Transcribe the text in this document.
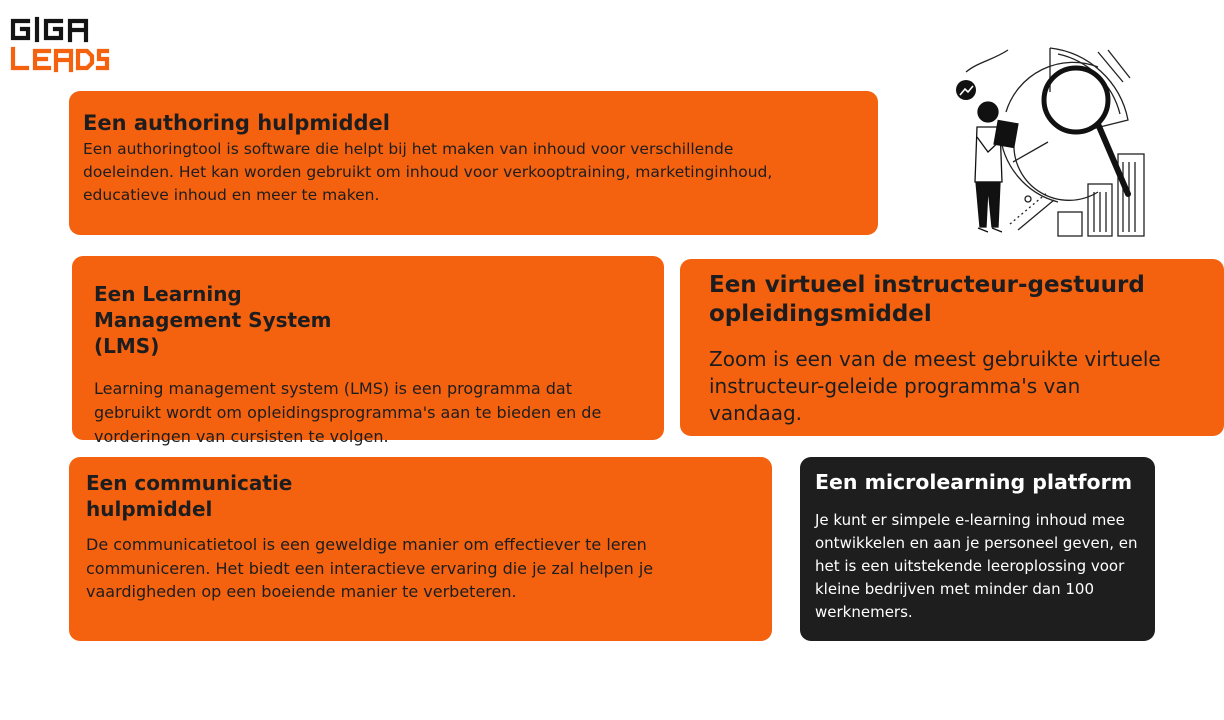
Een authoring hulpmiddel

Een authoringtool is software die helpt bij het maken van inhoud voor verschillende doeleinden. Het kan worden gebruikt om inhoud voor verkooptraining, marketinginhoud, educatieve inhoud en meer te maken.

Een Learning Management System (LMS)

Learning management system (LMS) is een programma dat gebruikt wordt om opleidingsprogramma's aan te bieden en de vorderingen van cursisten te volgen.

Een virtueel instructeur-gestuurd opleidingsmiddel

Zoom is een van de meest gebruikte virtuele instructeur-geleide programma's van vandaag.

Een communicatie hulpmiddel

De communicatietool is een geweldige manier om effectiever te leren communiceren. Het biedt een interactieve ervaring die je zal helpen je vaardigheden op een boeiende manier te verbeteren.

Een microlearning platform

Je kunt er simpele e-learning inhoud mee ontwikkelen en aan je personeel geven, en het is een uitstekende leeroplossing voor kleine bedrijven met minder dan 100 werknemers.
